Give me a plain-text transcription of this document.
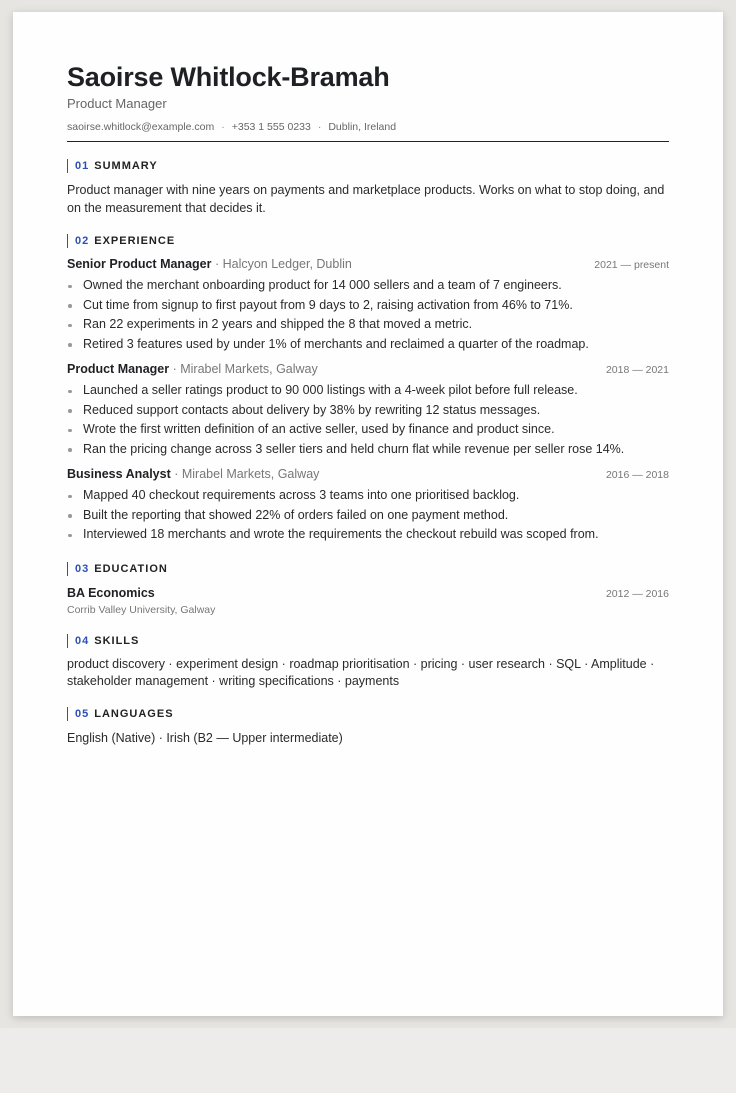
Saoirse Whitlock-Bramah
Product Manager
saoirse.whitlock@example.com · +353 1 555 0233 · Dublin, Ireland
01 SUMMARY
Product manager with nine years on payments and marketplace products. Works on what to stop doing, and on the measurement that decides it.
02 EXPERIENCE
Senior Product Manager · Halcyon Ledger, Dublin	2021 — present
Owned the merchant onboarding product for 14 000 sellers and a team of 7 engineers.
Cut time from signup to first payout from 9 days to 2, raising activation from 46% to 71%.
Ran 22 experiments in 2 years and shipped the 8 that moved a metric.
Retired 3 features used by under 1% of merchants and reclaimed a quarter of the roadmap.
Product Manager · Mirabel Markets, Galway	2018 — 2021
Launched a seller ratings product to 90 000 listings with a 4-week pilot before full release.
Reduced support contacts about delivery by 38% by rewriting 12 status messages.
Wrote the first written definition of an active seller, used by finance and product since.
Ran the pricing change across 3 seller tiers and held churn flat while revenue per seller rose 14%.
Business Analyst · Mirabel Markets, Galway	2016 — 2018
Mapped 40 checkout requirements across 3 teams into one prioritised backlog.
Built the reporting that showed 22% of orders failed on one payment method.
Interviewed 18 merchants and wrote the requirements the checkout rebuild was scoped from.
03 EDUCATION
BA Economics	2012 — 2016
Corrib Valley University, Galway
04 SKILLS
product discovery · experiment design · roadmap prioritisation · pricing · user research · SQL · Amplitude · stakeholder management · writing specifications · payments
05 LANGUAGES
English (Native) · Irish (B2 — Upper intermediate)
